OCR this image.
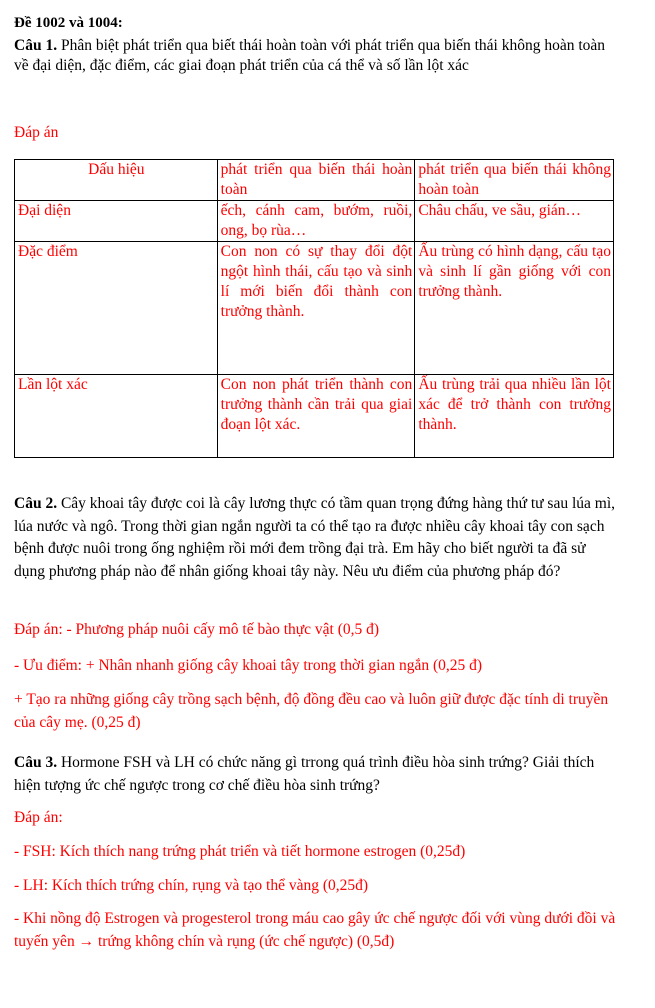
Đề 1002 và 1004:
Câu 1. Phân biệt phát triển qua biết thái hoàn toàn với phát triển qua biến thái không hoàn toàn về đại diện, đặc điểm, các giai đoạn phát triển của cá thể và số lần lột xác
Đáp án
Dấu hiệu	phát triển qua biến thái hoàn toàn	phát triển qua biến thái không hoàn toàn
Đại diện	ếch, cánh cam, bướm, ruồi, ong, bọ rùa…	Châu chấu, ve sầu, gián…
Đặc điểm	Con non có sự thay đổi đột ngột hình thái, cấu tạo và sinh lí mới biến đổi thành con trưởng thành.	Ấu trùng có hình dạng, cấu tạo và sinh lí gần giống với con trưởng thành.
Lần lột xác	Con non phát triển thành con trưởng thành cần trải qua giai đoạn lột xác.	Ấu trùng trải qua nhiều lần lột xác để trở thành con trưởng thành.
Câu 2. Cây khoai tây được coi là cây lương thực có tầm quan trọng đứng hàng thứ tư sau lúa mì, lúa nước và ngô. Trong thời gian ngắn người ta có thể tạo ra được nhiều cây khoai tây con sạch bệnh được nuôi trong ống nghiệm rồi mới đem trồng đại trà. Em hãy cho biết người ta đã sử dụng phương pháp nào để nhân giống khoai tây này. Nêu ưu điểm của phương pháp đó?
Đáp án: - Phương pháp nuôi cấy mô tế bào thực vật (0,5 đ)
- Ưu điểm: + Nhân nhanh giống cây khoai tây trong thời gian ngắn (0,25 đ)
+ Tạo ra những giống cây trồng sạch bệnh, độ đồng đều cao và luôn giữ được đặc tính di truyền của cây mẹ. (0,25 đ)
Câu 3. Hormone FSH và LH có chức năng gì trrong quá trình điều hòa sinh trứng? Giải thích hiện tượng ức chế ngược trong cơ chế điều hòa sinh trứng?
Đáp án:
- FSH: Kích thích nang trứng phát triển và tiết hormone estrogen (0,25đ)
- LH: Kích thích trứng chín, rụng và tạo thể vàng (0,25đ)
- Khi nồng độ Estrogen và progesterol trong máu cao gây ức chế ngược đối với vùng dưới đồi và tuyến yên → trứng không chín và rụng (ức chế ngược) (0,5đ)
